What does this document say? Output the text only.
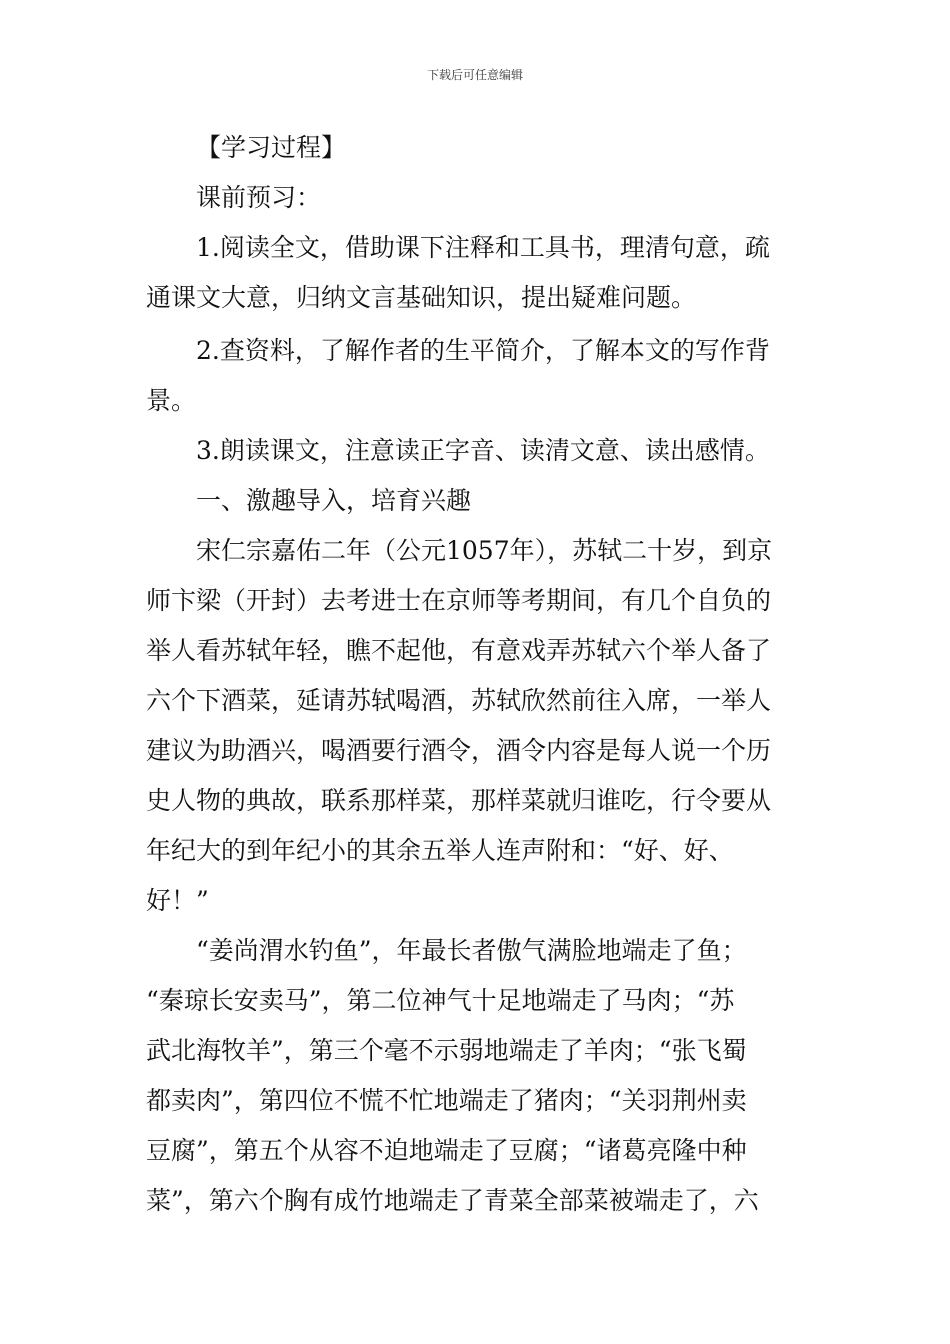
下载后可任意编辑

【学习过程】

课前预习：

1.阅读全文，借助课下注释和工具书，理清句意，疏

通课文大意，归纳文言基础知识，提出疑难问题。

2.查资料，了解作者的生平简介，了解本文的写作背

景。

3.朗读课文，注意读正字音、读清文意、读出感情。

一、激趣导入，培育兴趣

宋仁宗嘉佑二年（公元1057年），苏轼二十岁，到京

师卞梁（开封）去考进士在京师等考期间，有几个自负的

举人看苏轼年轻，瞧不起他，有意戏弄苏轼六个举人备了

六个下酒菜，延请苏轼喝酒，苏轼欣然前往入席，一举人

建议为助酒兴，喝酒要行酒令，酒令内容是每人说一个历

史人物的典故，联系那样菜，那样菜就归谁吃，行令要从

年纪大的到年纪小的其余五举人连声附和：“好、好、

好！”

“姜尚渭水钓鱼”，年最长者傲气满脸地端走了鱼；

“秦琼长安卖马”，第二位神气十足地端走了马肉；“苏

武北海牧羊”，第三个毫不示弱地端走了羊肉；“张飞蜀

都卖肉”，第四位不慌不忙地端走了猪肉；“关羽荆州卖

豆腐”，第五个从容不迫地端走了豆腐；“诸葛亮隆中种

菜”，第六个胸有成竹地端走了青菜全部菜被端走了，六
